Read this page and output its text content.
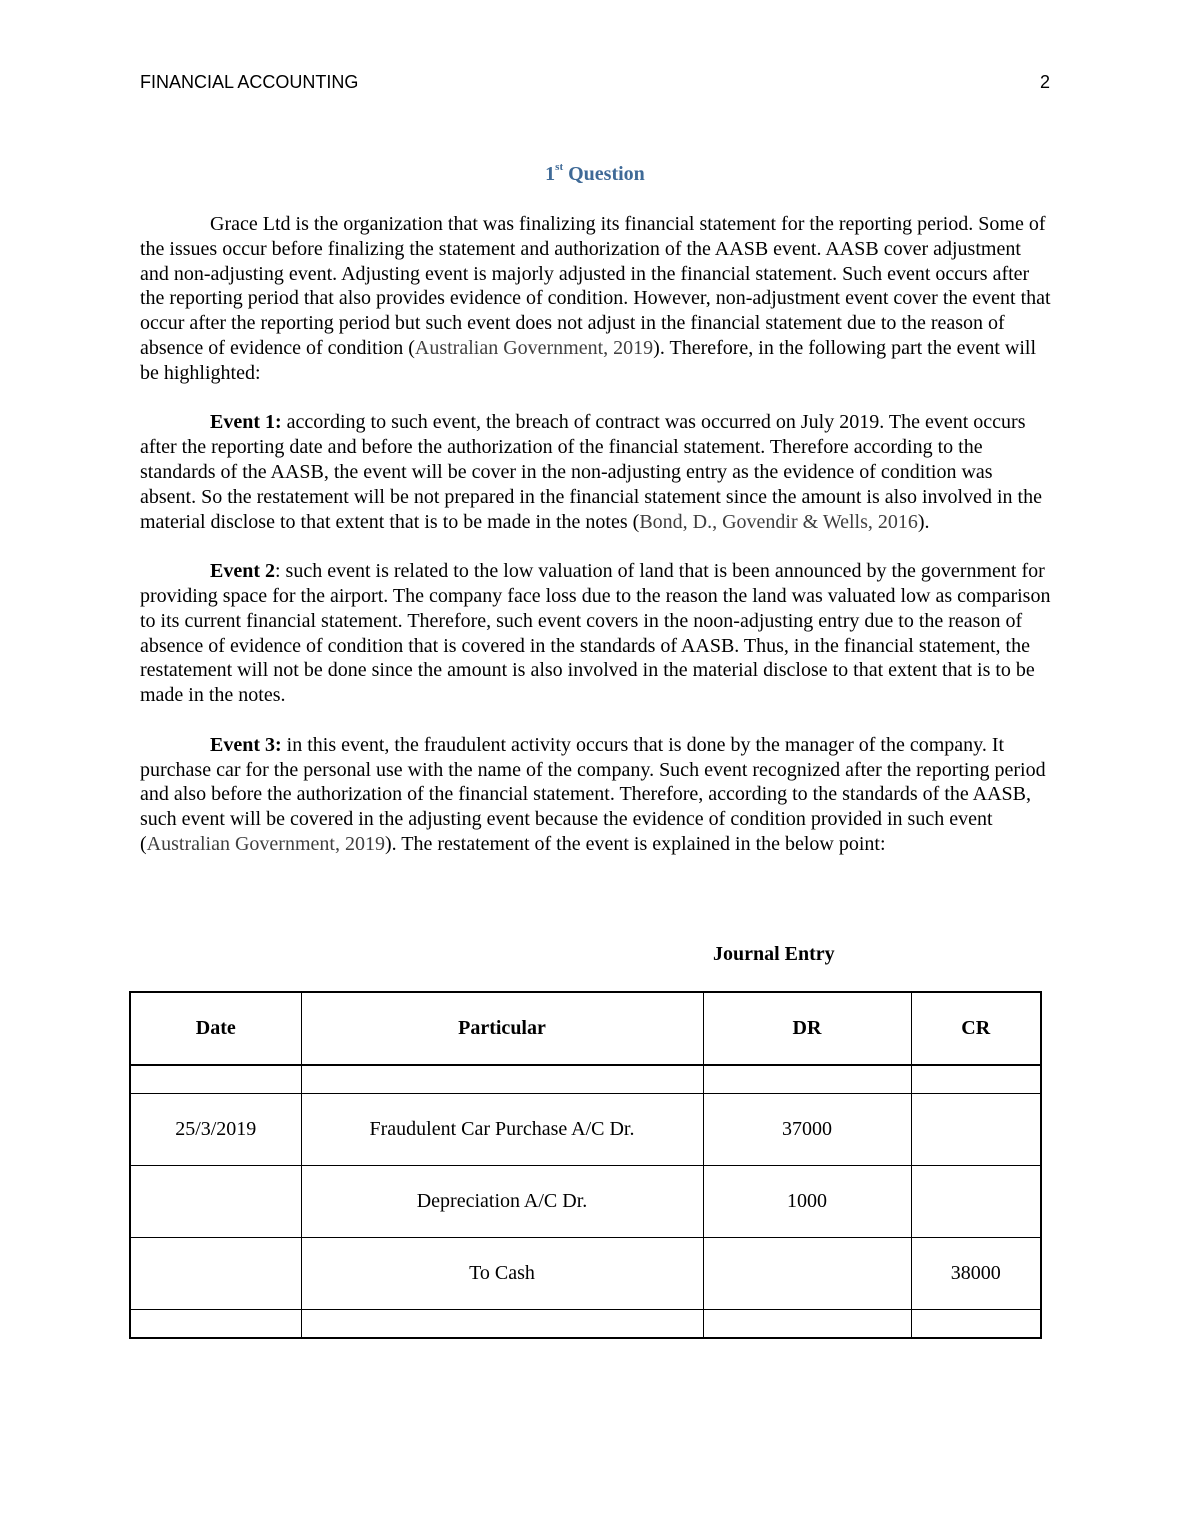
FINANCIAL ACCOUNTING	2
1st Question

Grace Ltd is the organization that was finalizing its financial statement for the reporting period. Some of the issues occur before finalizing the statement and authorization of the AASB event. AASB cover adjustment and non-adjusting event. Adjusting event is majorly adjusted in the financial statement. Such event occurs after the reporting period that also provides evidence of condition. However, non-adjustment event cover the event that occur after the reporting period but such event does not adjust in the financial statement due to the reason of absence of evidence of condition (Australian Government, 2019). Therefore, in the following part the event will be highlighted:

Event 1: according to such event, the breach of contract was occurred on July 2019. The event occurs after the reporting date and before the authorization of the financial statement. Therefore according to the standards of the AASB, the event will be cover in the non-adjusting entry as the evidence of condition was absent. So the restatement will be not prepared in the financial statement since the amount is also involved in the material disclose to that extent that is to be made in the notes (Bond, D., Govendir & Wells, 2016).

Event 2: such event is related to the low valuation of land that is been announced by the government for providing space for the airport. The company face loss due to the reason the land was valuated low as comparison to its current financial statement. Therefore, such event covers in the noon-adjusting entry due to the reason of absence of evidence of condition that is covered in the standards of AASB. Thus, in the financial statement, the restatement will not be done since the amount is also involved in the material disclose to that extent that is to be made in the notes.

Event 3: in this event, the fraudulent activity occurs that is done by the manager of the company. It purchase car for the personal use with the name of the company. Such event recognized after the reporting period and also before the authorization of the financial statement. Therefore, according to the standards of the AASB, such event will be covered in the adjusting event because the evidence of condition provided in such event (Australian Government, 2019). The restatement of the event is explained in the below point:

Journal Entry
Date	Particular	DR	CR

25/3/2019	Fraudulent Car Purchase A/C Dr.	37000	
	Depreciation A/C Dr.	1000	
	To Cash		38000
